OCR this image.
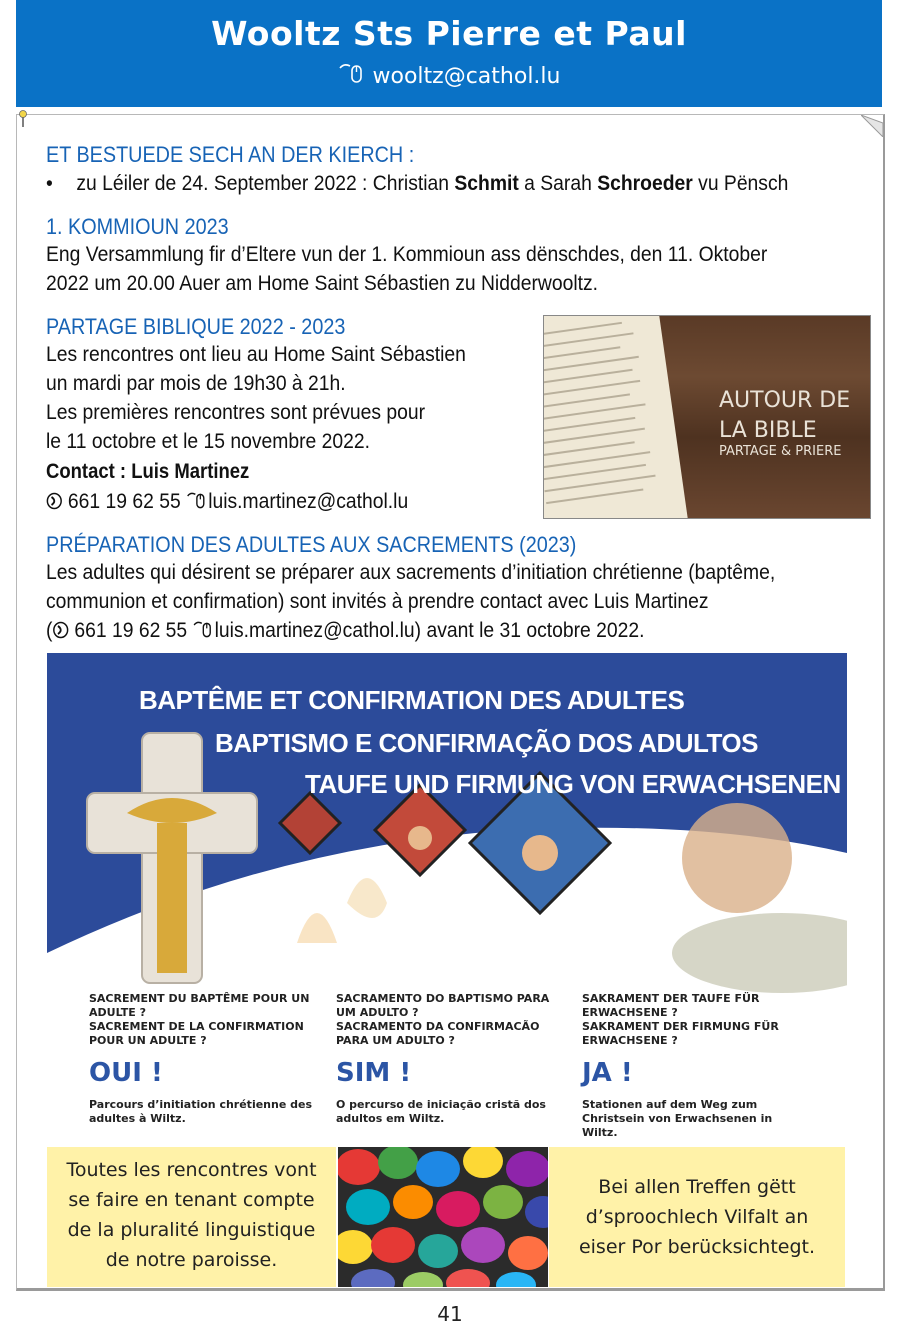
Wooltz Sts Pierre et Paul
wooltz@cathol.lu
ET BESTUEDE SECH AN DER KIERCH :
• zu Léiler de 24. September 2022 : Christian Schmit a Sarah Schroeder vu Pënsch
1. KOMMIOUN 2023
Eng Versammlung fir d’Eltere vun der 1. Kommioun ass dënschdes, den 11. Oktober
2022 um 20.00 Auer am Home Saint Sébastien zu Nidderwooltz.
PARTAGE BIBLIQUE 2022 - 2023
Les rencontres ont lieu au Home Saint Sébastien
un mardi par mois de 19h30 à 21h.
Les premières rencontres sont prévues pour
le 11 octobre et le 15 novembre 2022.
Contact : Luis Martinez
661 19 62 55 luis.martinez@cathol.lu
AUTOUR DE
LA BIBLE
PARTAGE & PRIERE
PRÉPARATION DES ADULTES AUX SACREMENTS (2023)
Les adultes qui désirent se préparer aux sacrements d’initiation chrétienne (baptême,
communion et confirmation) sont invités à prendre contact avec Luis Martinez
( 661 19 62 55 luis.martinez@cathol.lu) avant le 31 octobre 2022.
BAPTÊME ET CONFIRMATION DES ADULTES
BAPTISMO E CONFIRMAÇÃO DOS ADULTOS
TAUFE UND FIRMUNG VON ERWACHSENEN
SACREMENT DU BAPTÊME POUR UN ADULTE ?
SACREMENT DE LA CONFIRMATION POUR UN ADULTE ?
OUI !
Parcours d’initiation chrétienne des adultes à Wiltz.
SACRAMENTO DO BAPTISMO PARA UM ADULTO ?
SACRAMENTO DA CONFIRMACÃO PARA UM ADULTO ?
SIM !
O percurso de iniciação cristã dos adultos em Wiltz.
SAKRAMENT DER TAUFE FÜR ERWACHSENE ?
SAKRAMENT DER FIRMUNG FÜR ERWACHSENE ?
JA !
Stationen auf dem Weg zum Christsein von Erwachsenen in Wiltz.
Toutes les rencontres vont
se faire en tenant compte
de la pluralité linguistique
de notre paroisse.
Bei allen Treffen gëtt
d’sproochlech Vilfalt an
eiser Por berücksichtegt.
41
